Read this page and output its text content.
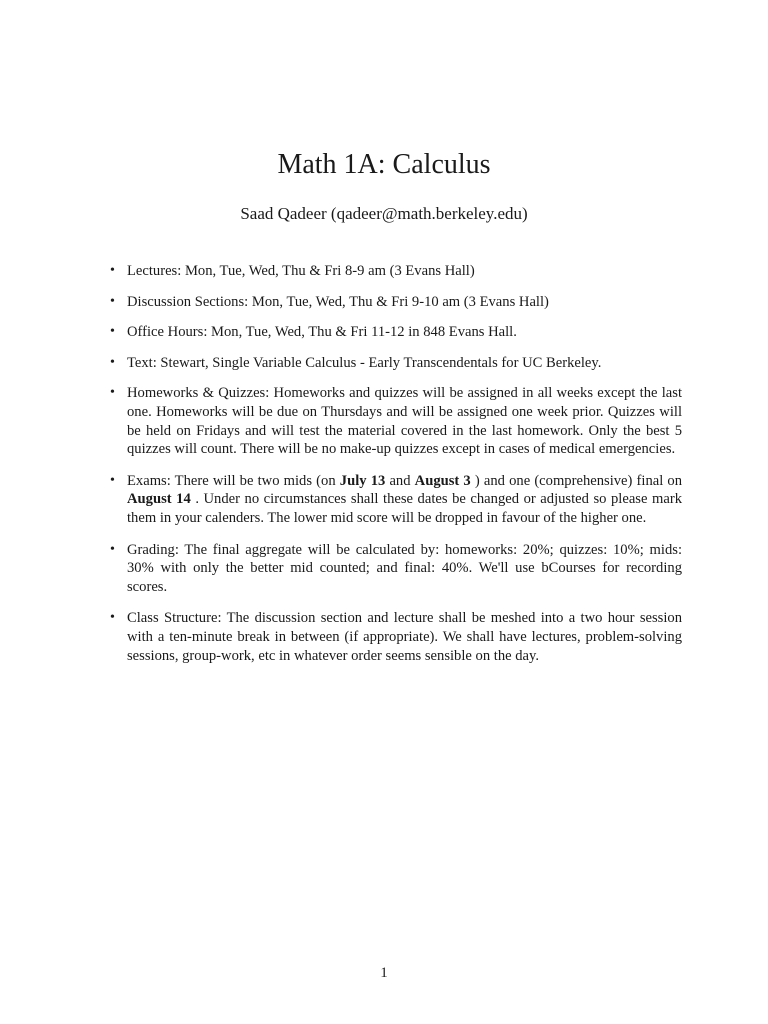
Math 1A: Calculus

Saad Qadeer (qadeer@math.berkeley.edu)

• Lectures: Mon, Tue, Wed, Thu & Fri 8-9 am (3 Evans Hall)
• Discussion Sections: Mon, Tue, Wed, Thu & Fri 9-10 am (3 Evans Hall)
• Office Hours: Mon, Tue, Wed, Thu & Fri 11-12 in 848 Evans Hall.
• Text: Stewart, Single Variable Calculus - Early Transcendentals for UC Berkeley.
• Homeworks & Quizzes: Homeworks and quizzes will be assigned in all weeks except the last one. Homeworks will be due on Thursdays and will be assigned one week prior. Quizzes will be held on Fridays and will test the material covered in the last homework. Only the best 5 quizzes will count. There will be no make-up quizzes except in cases of medical emergencies.
• Exams: There will be two mids (on July 13 and August 3 ) and one (comprehensive) final on August 14 . Under no circumstances shall these dates be changed or adjusted so please mark them in your calenders. The lower mid score will be dropped in favour of the higher one.
• Grading: The final aggregate will be calculated by: homeworks: 20%; quizzes: 10%; mids: 30% with only the better mid counted; and final: 40%. We'll use bCourses for recording scores.
• Class Structure: The discussion section and lecture shall be meshed into a two hour session with a ten-minute break in between (if appropriate). We shall have lectures, problem-solving sessions, group-work, etc in whatever order seems sensible on the day.
1
